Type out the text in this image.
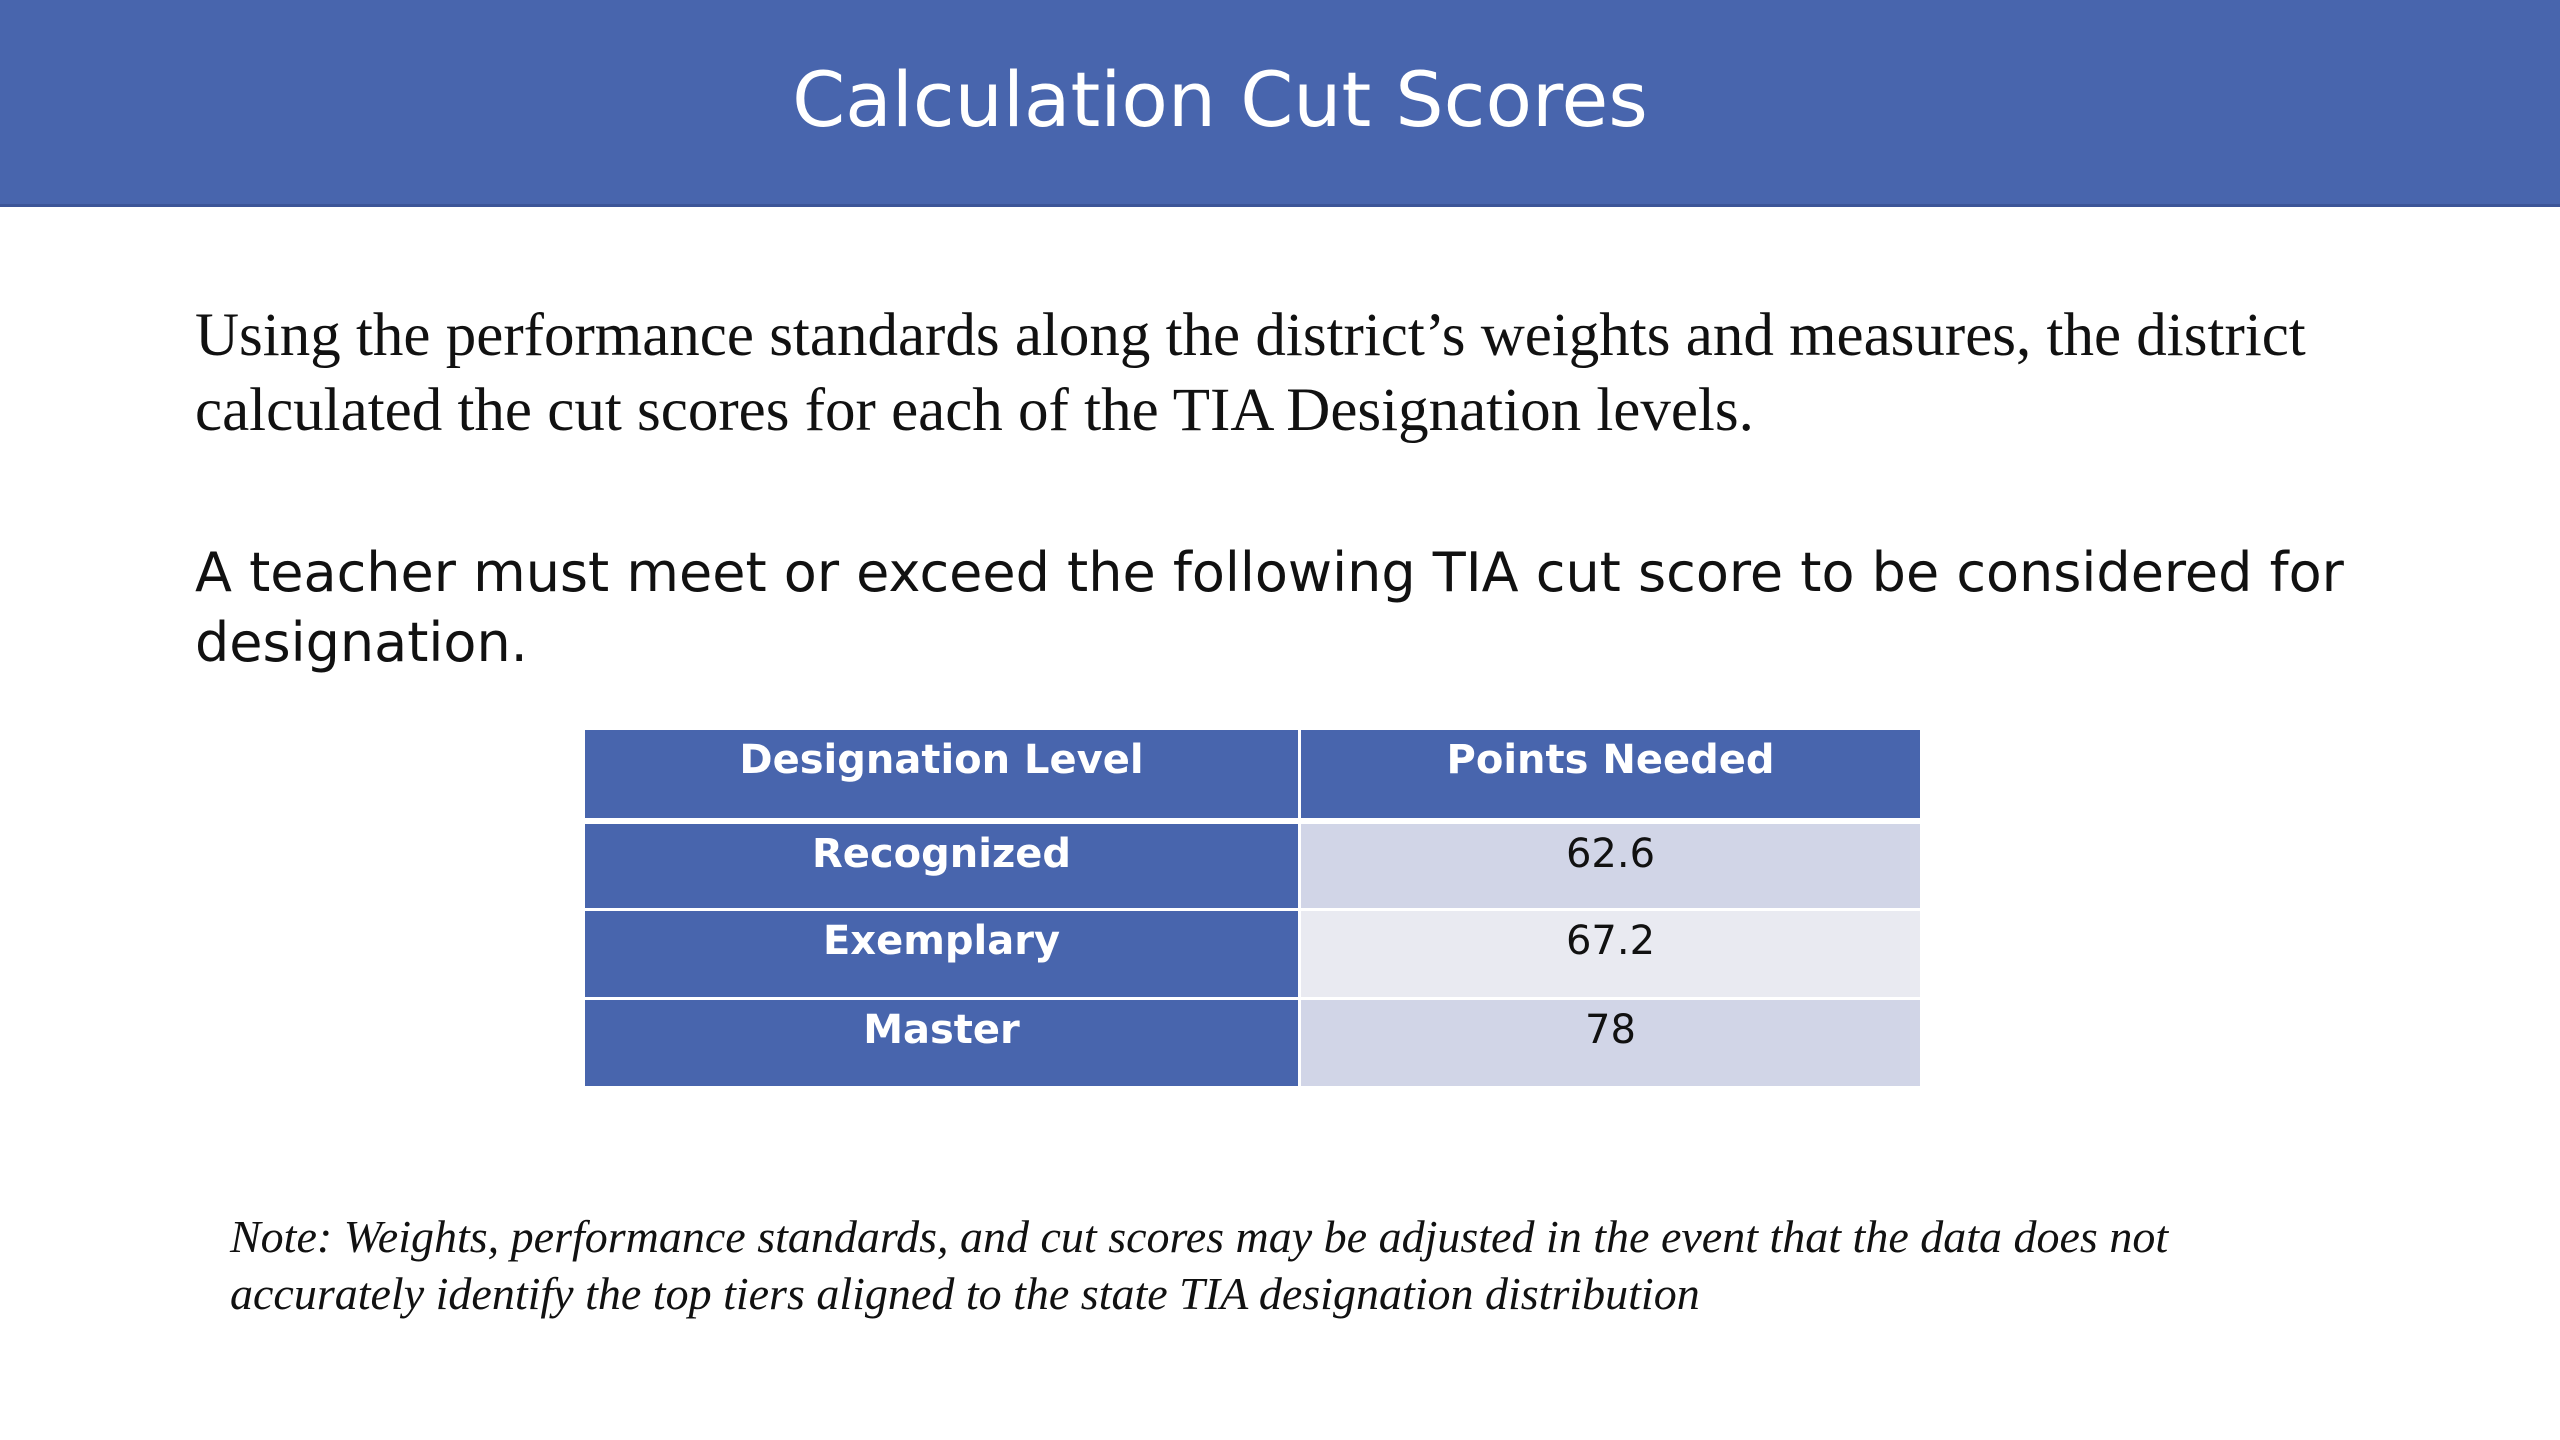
Calculation Cut Scores
Using the performance standards along the district’s weights and measures, the district calculated the cut scores for each of the TIA Designation levels.
A teacher must meet or exceed the following TIA cut score to be considered for designation.
Designation Level	Points Needed
Recognized	62.6
Exemplary	67.2
Master	78
Note: Weights, performance standards, and cut scores may be adjusted in the event that the data does not accurately identify the top tiers aligned to the state TIA designation distribution
